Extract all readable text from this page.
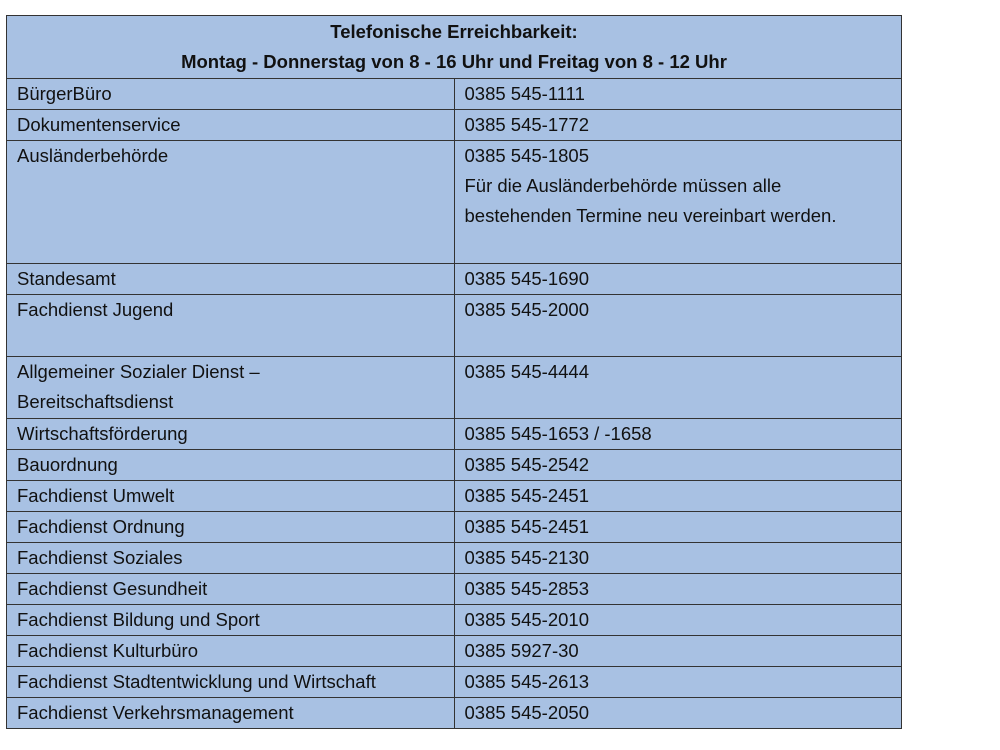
Telefonische Erreichbarkeit:
Montag - Donnerstag von 8 - 16 Uhr und Freitag von 8 - 12 Uhr	

BürgerBüro	0385 545-1111
Dokumentenservice	0385 545-1772
Ausländerbehörde	0385 545-1805
Für die Ausländerbehörde müssen alle
bestehenden Termine neu vereinbart werden.

Standesamt	0385 545-1690
Fachdienst Jugend	0385 545-2000

Allgemeiner Sozialer Dienst –
Bereitschaftsdienst	0385 545-4444
Wirtschaftsförderung	0385 545-1653 / -1658
Bauordnung	0385 545-2542
Fachdienst Umwelt	0385 545-2451
Fachdienst Ordnung	0385 545-2451
Fachdienst Soziales	0385 545-2130
Fachdienst Gesundheit	0385 545-2853
Fachdienst Bildung und Sport	0385 545-2010
Fachdienst Kulturbüro	0385 5927-30
Fachdienst Stadtentwicklung und Wirtschaft	0385 545-2613
Fachdienst Verkehrsmanagement	0385 545-2050
